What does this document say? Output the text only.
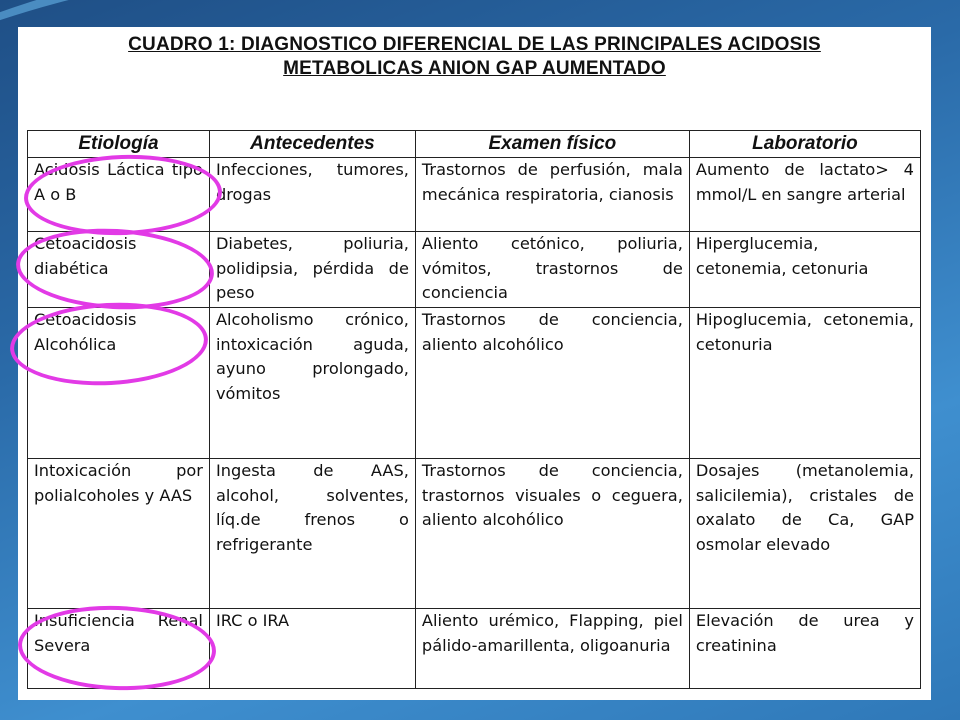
CUADRO 1: DIAGNOSTICO DIFERENCIAL DE LAS PRINCIPALES ACIDOSIS
METABOLICAS ANION GAP AUMENTADO
Etiología	Antecedentes	Examen físico	Laboratorio
Acidosis Láctica tipo A o B	Infecciones, tumores, drogas	Trastornos de perfusión, mala mecánica respiratoria, cianosis	Aumento de lactato> 4 mmol/L en sangre arterial
Cetoacidosis diabética	Diabetes, poliuria, polidipsia, pérdida de peso	Aliento cetónico, poliuria, vómitos, trastornos de conciencia	Hiperglucemia, cetonemia, cetonuria
Cetoacidosis Alcohólica	Alcoholismo crónico, intoxicación aguda, ayuno prolongado, vómitos	Trastornos de conciencia, aliento alcohólico	Hipoglucemia, cetonemia, cetonuria
Intoxicación por polialcoholes y AAS	Ingesta de AAS, alcohol, solventes, líq.de frenos o refrigerante	Trastornos de conciencia, trastornos visuales o ceguera, aliento alcohólico	Dosajes (metanolemia, salicilemia), cristales de oxalato de Ca, GAP osmolar elevado
Insuficiencia Renal Severa	IRC o IRA	Aliento urémico, Flapping, piel pálido-amarillenta, oligoanuria	Elevación de urea y creatinina
